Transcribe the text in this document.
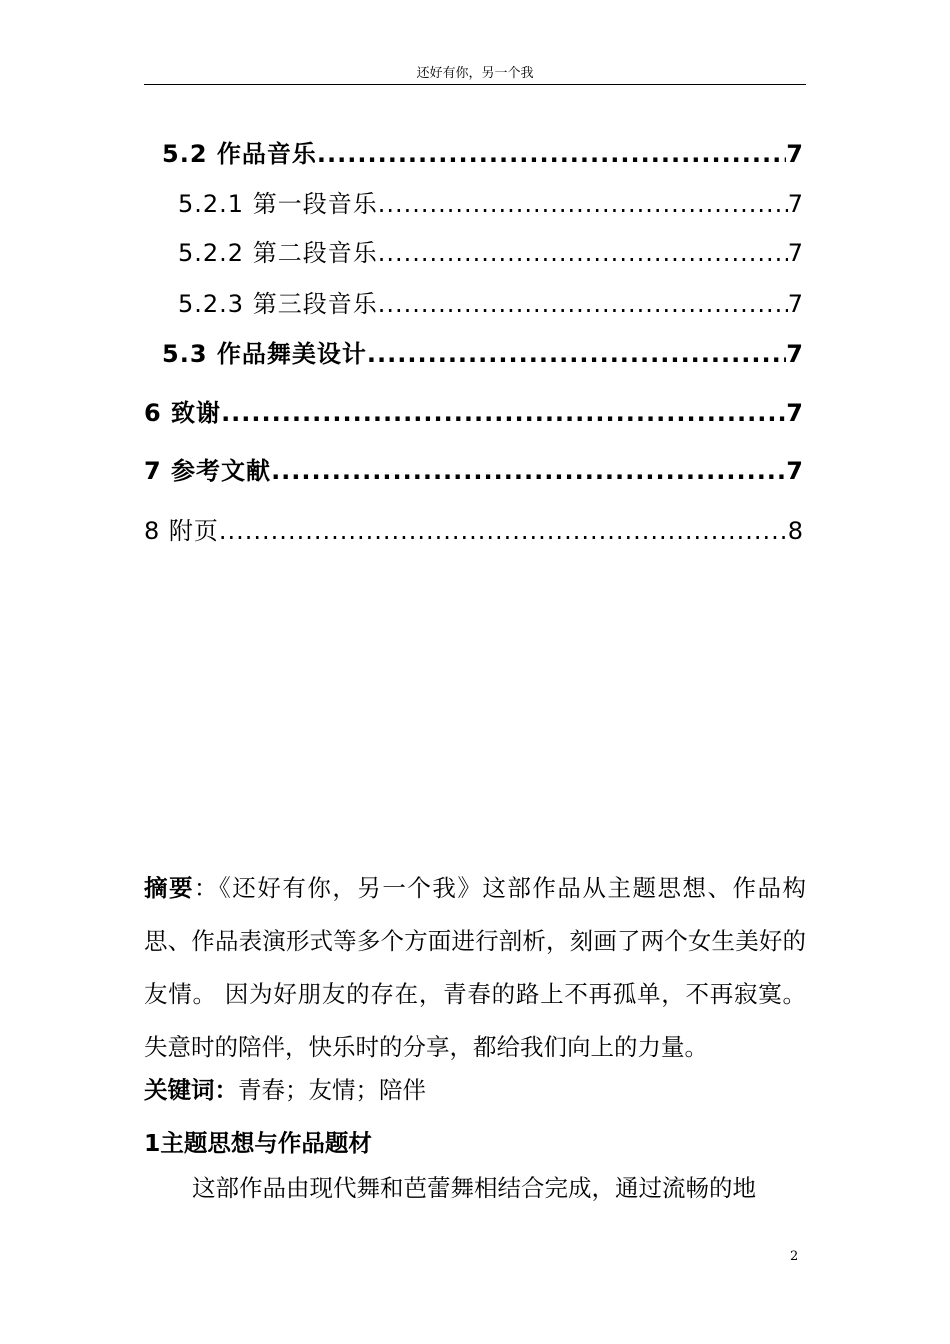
还好有你，另一个我
5.2 作品音乐 .....	7
5.2.1 第一段音乐 .....	7
5.2.2 第二段音乐 .....	7
5.2.3 第三段音乐 .....	7
5.3 作品舞美设计 .....	7
6 致谢 .....	7
7 参考文献 .....	7
8 附页 .....	8
摘要：《还好有你，另一个我》这部作品从主题思想、作品构思、作品表演形式等多个方面进行剖析，刻画了两个女生美好的友情。 因为好朋友的存在，青春的路上不再孤单，不再寂寞。失意时的陪伴，快乐时的分享，都给我们向上的力量。
关键词：青春；友情；陪伴
1主题思想与作品题材
这部作品由现代舞和芭蕾舞相结合完成，通过流畅的地
2
